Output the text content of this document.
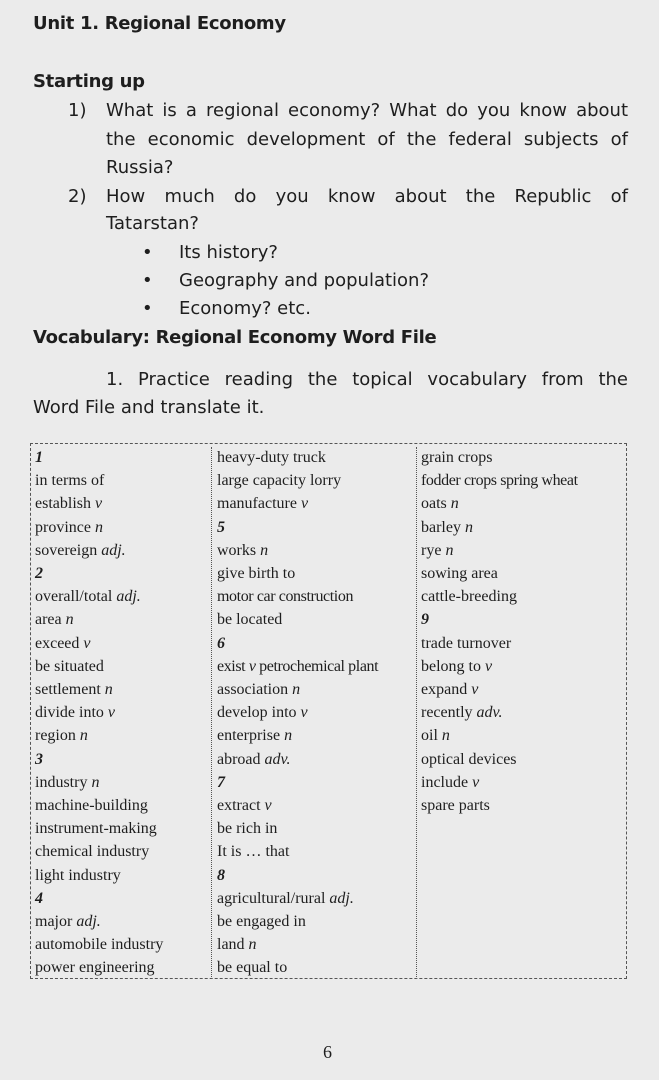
Unit 1. Regional Economy
Starting up
1) What is a regional economy? What do you know about
the economic development of the federal subjects of
Russia?
2) How much do you know about the Republic of
Tatarstan?
• Its history?
• Geography and population?
• Economy? etc.
Vocabulary: Regional Economy Word File
1. Practice reading the topical vocabulary from the
Word File and translate it.
1
in terms of
establish v
province n
sovereign adj.
2
overall/total adj.
area n
exceed v
be situated
settlement n
divide into v
region n
3
industry n
machine-building
instrument-making
chemical industry
light industry
4
major adj.
automobile industry
power engineering
heavy-duty truck
large capacity lorry
manufacture v
5
works n
give birth to
motor car construction
be located
6
exist v petrochemical plant
association n
develop into v
enterprise n
abroad adv.
7
extract v
be rich in
It is … that
8
agricultural/rural adj.
be engaged in
land n
be equal to
grain crops
fodder crops spring wheat
oats n
barley n
rye n
sowing area
cattle-breeding
9
trade turnover
belong to v
expand v
recently adv.
oil n
optical devices
include v
spare parts
6
